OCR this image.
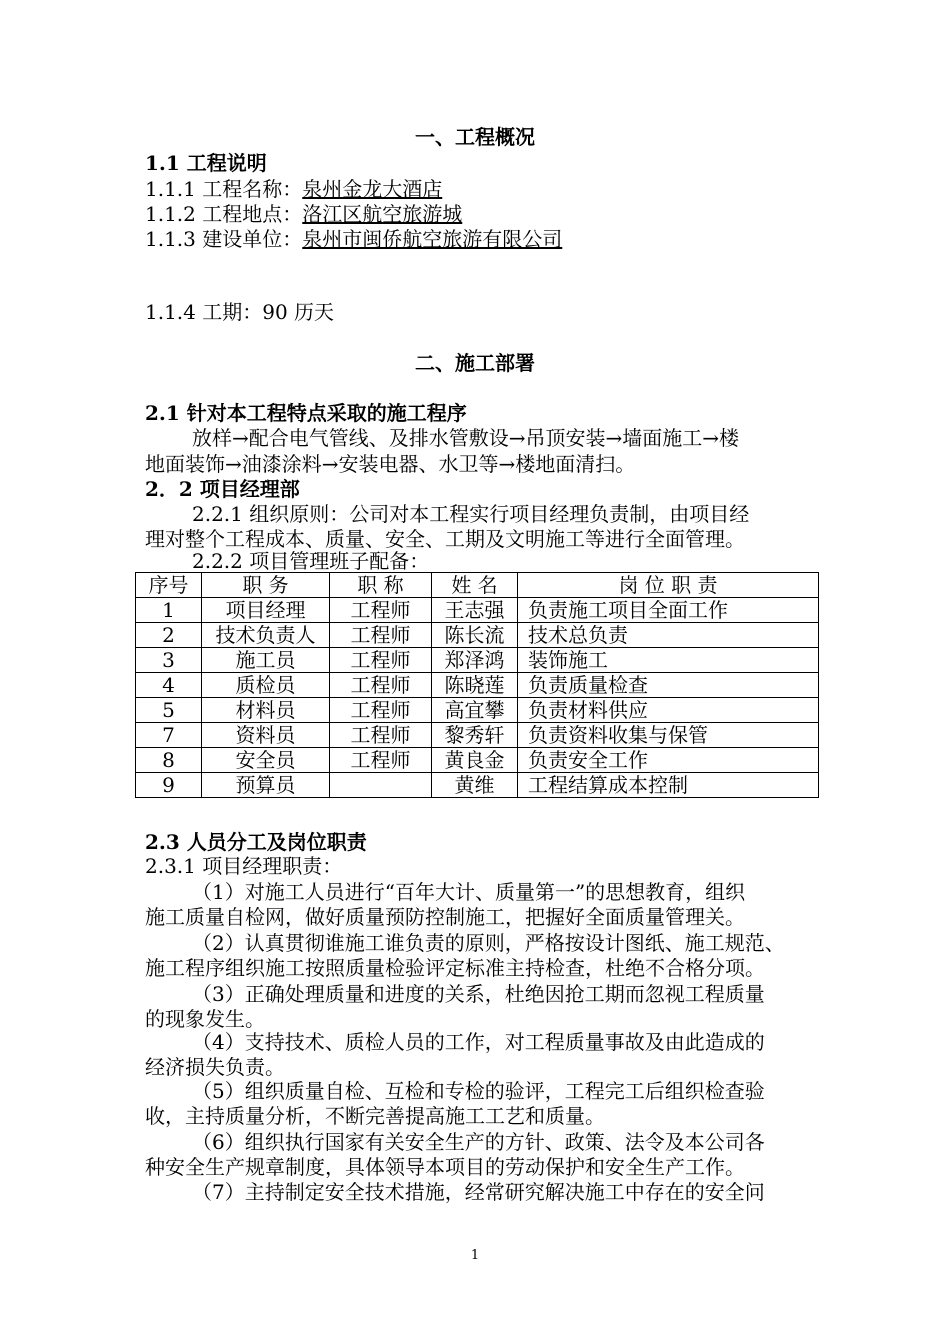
一、工程概况
1.1 工程说明
1.1.1 工程名称：泉州金龙大酒店
1.1.2 工程地点：洛江区航空旅游城
1.1.3 建设单位：泉州市闽侨航空旅游有限公司
1.1.4 工期：90 历天
二、施工部署
2.1 针对本工程特点采取的施工程序
放样→配合电气管线、及排水管敷设→吊顶安装→墙面施工→楼
地面装饰→油漆涂料→安装电器、水卫等→楼地面清扫。
2．2 项目经理部
2.2.1 组织原则：公司对本工程实行项目经理负责制，由项目经
理对整个工程成本、质量、安全、工期及文明施工等进行全面管理。
2.2.2 项目管理班子配备：
序号	职 务	职 称	姓 名	岗 位 职 责
1	项目经理	工程师	王志强	负责施工项目全面工作
2	技术负责人	工程师	陈长流	技术总负责
3	施工员	工程师	郑泽鸿	装饰施工
4	质检员	工程师	陈晓莲	负责质量检查
5	材料员	工程师	高宜攀	负责材料供应
7	资料员	工程师	黎秀轩	负责资料收集与保管
8	安全员	工程师	黄良金	负责安全工作
9	预算员		黄维	工程结算成本控制
2.3 人员分工及岗位职责
2.3.1 项目经理职责：
（1）对施工人员进行“百年大计、质量第一”的思想教育，组织
施工质量自检网，做好质量预防控制施工，把握好全面质量管理关。
（2）认真贯彻谁施工谁负责的原则，严格按设计图纸、施工规范、
施工程序组织施工按照质量检验评定标准主持检查，杜绝不合格分项。
（3）正确处理质量和进度的关系，杜绝因抢工期而忽视工程质量
的现象发生。
（4）支持技术、质检人员的工作，对工程质量事故及由此造成的
经济损失负责。
（5）组织质量自检、互检和专检的验评，工程完工后组织检查验
收，主持质量分析，不断完善提高施工工艺和质量。
（6）组织执行国家有关安全生产的方针、政策、法令及本公司各
种安全生产规章制度，具体领导本项目的劳动保护和安全生产工作。
（7）主持制定安全技术措施，经常研究解决施工中存在的安全问
1
